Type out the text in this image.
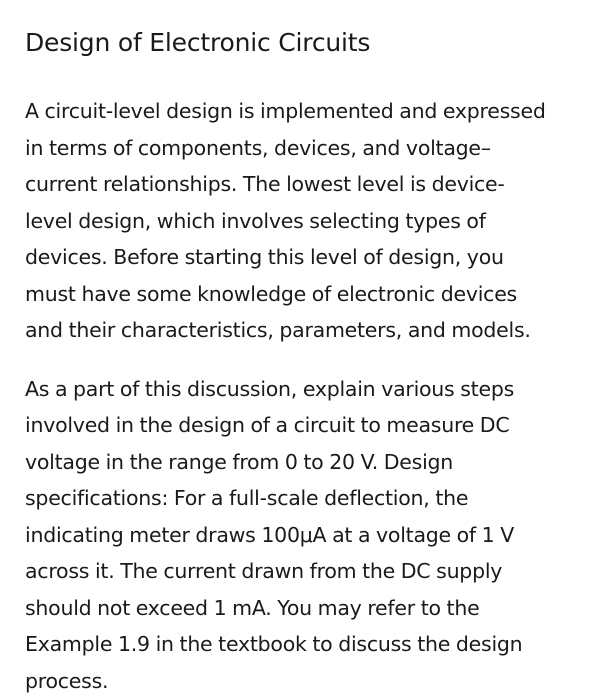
Design of Electronic Circuits

A circuit-level design is implemented and expressed
in terms of components, devices, and voltage–
current relationships. The lowest level is device-
level design, which involves selecting types of
devices. Before starting this level of design, you
must have some knowledge of electronic devices
and their characteristics, parameters, and models.

As a part of this discussion, explain various steps
involved in the design of a circuit to measure DC
voltage in the range from 0 to 20 V. Design
specifications: For a full-scale deflection, the
indicating meter draws 100μA at a voltage of 1 V
across it. The current drawn from the DC supply
should not exceed 1 mA. You may refer to the
Example 1.9 in the textbook to discuss the design
process.
